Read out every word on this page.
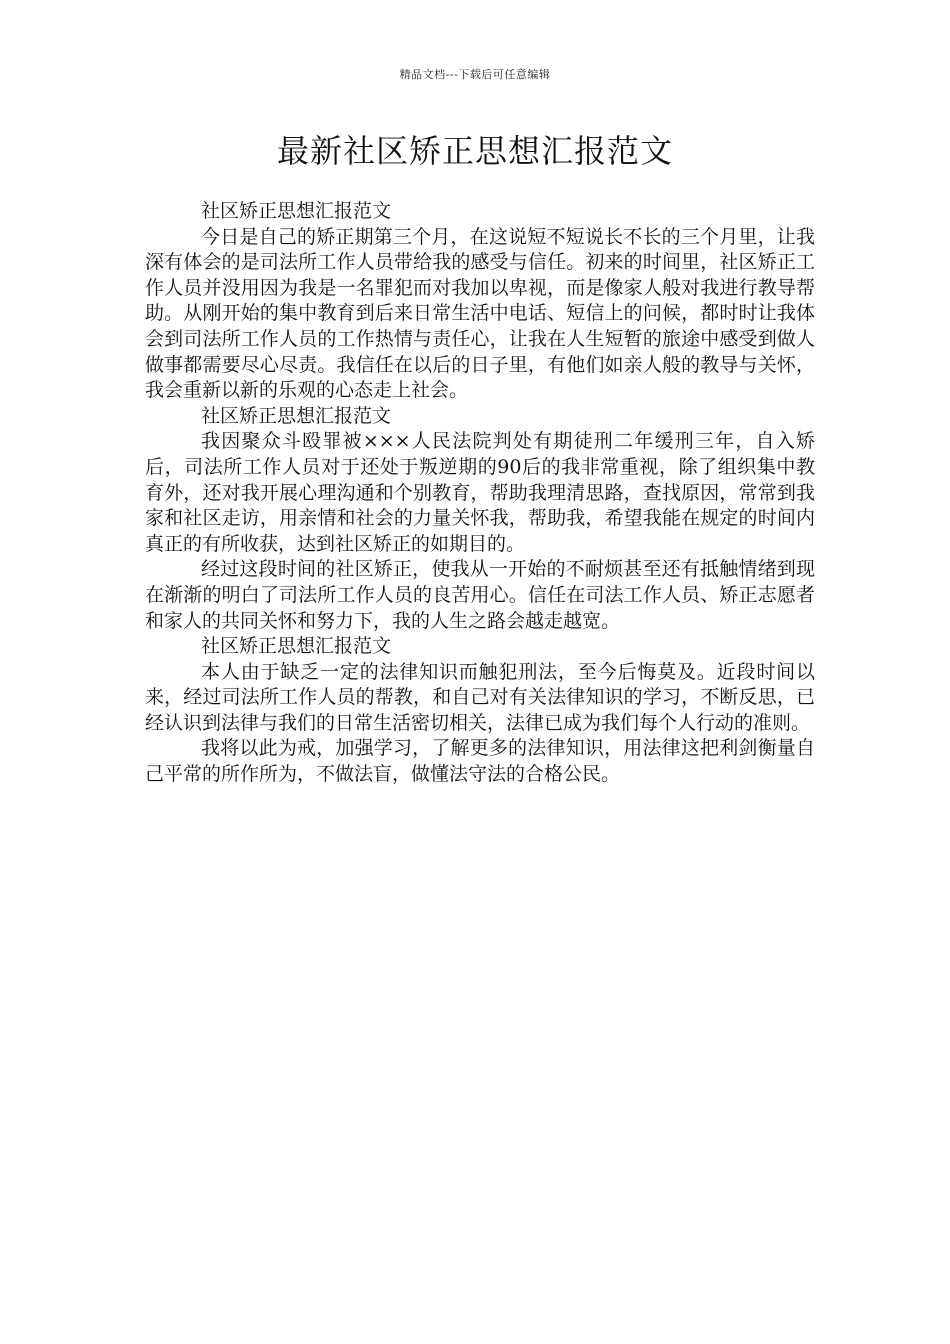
精品文档---下载后可任意编辑
最新社区矫正思想汇报范文

社区矫正思想汇报范文

今日是自己的矫正期第三个月，在这说短不短说长不长的三个月里，让我深有体会的是司法所工作人员带给我的感受与信任。初来的时间里，社区矫正工作人员并没用因为我是一名罪犯而对我加以卑视，而是像家人般对我进行教导帮助。从刚开始的集中教育到后来日常生活中电话、短信上的问候，都时时让我体会到司法所工作人员的工作热情与责任心，让我在人生短暂的旅途中感受到做人做事都需要尽心尽责。我信任在以后的日子里，有他们如亲人般的教导与关怀，我会重新以新的乐观的心态走上社会。

社区矫正思想汇报范文

我因聚众斗殴罪被×××人民法院判处有期徒刑二年缓刑三年，自入矫后，司法所工作人员对于还处于叛逆期的90后的我非常重视，除了组织集中教育外，还对我开展心理沟通和个别教育，帮助我理清思路，查找原因，常常到我家和社区走访，用亲情和社会的力量关怀我，帮助我，希望我能在规定的时间内真正的有所收获，达到社区矫正的如期目的。

经过这段时间的社区矫正，使我从一开始的不耐烦甚至还有抵触情绪到现在渐渐的明白了司法所工作人员的良苦用心。信任在司法工作人员、矫正志愿者和家人的共同关怀和努力下，我的人生之路会越走越宽。

社区矫正思想汇报范文

本人由于缺乏一定的法律知识而触犯刑法，至今后悔莫及。近段时间以来，经过司法所工作人员的帮教，和自己对有关法律知识的学习，不断反思，已经认识到法律与我们的日常生活密切相关，法律已成为我们每个人行动的准则。

我将以此为戒，加强学习，了解更多的法律知识，用法律这把利剑衡量自己平常的所作所为，不做法盲，做懂法守法的合格公民。
